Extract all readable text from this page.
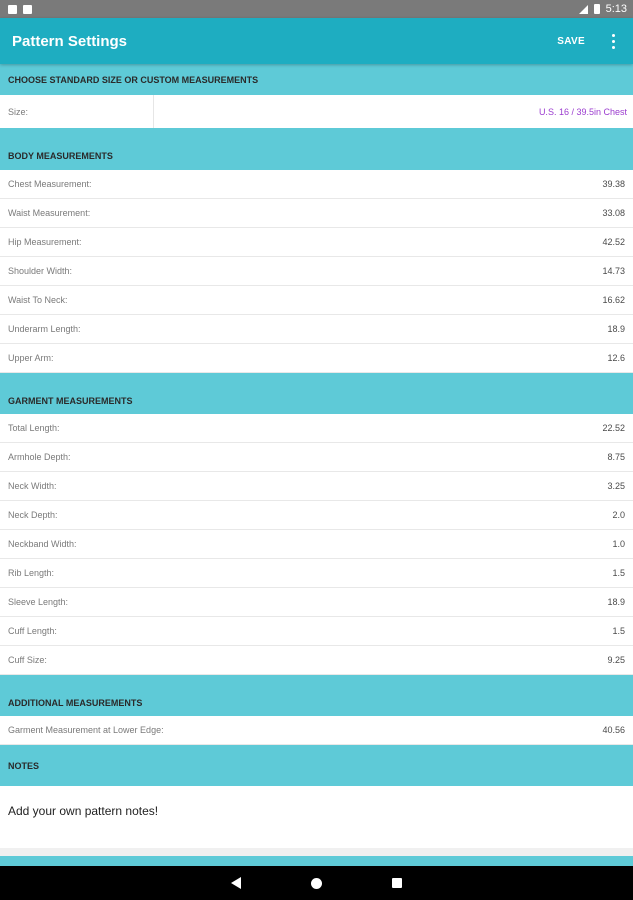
5:13
Pattern Settings	SAVE
CHOOSE STANDARD SIZE OR CUSTOM MEASUREMENTS
Size:	U.S. 16 / 39.5in Chest
BODY MEASUREMENTS
Chest Measurement:	39.38
Waist Measurement:	33.08
Hip Measurement:	42.52
Shoulder Width:	14.73
Waist To Neck:	16.62
Underarm Length:	18.9
Upper Arm:	12.6
GARMENT MEASUREMENTS
Total Length:	22.52
Armhole Depth:	8.75
Neck Width:	3.25
Neck Depth:	2.0
Neckband Width:	1.0
Rib Length:	1.5
Sleeve Length:	18.9
Cuff Length:	1.5
Cuff Size:	9.25
ADDITIONAL MEASUREMENTS
Garment Measurement at Lower Edge:	40.56
NOTES
Add your own pattern notes!
